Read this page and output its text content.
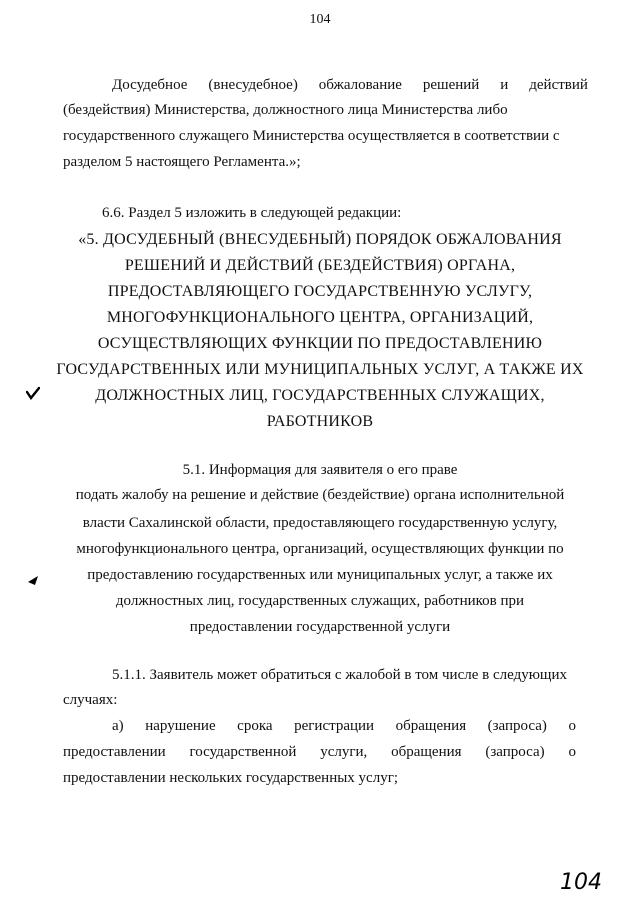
104
Досудебное (внесудебное) обжалование решений и действий
(бездействия) Министерства, должностного лица Министерства либо
государственного служащего Министерства осуществляется в соответствии с
разделом 5 настоящего Регламента.»;
6.6. Раздел 5 изложить в следующей редакции:
«5. ДОСУДЕБНЫЙ (ВНЕСУДЕБНЫЙ) ПОРЯДОК ОБЖАЛОВАНИЯ
РЕШЕНИЙ И ДЕЙСТВИЙ (БЕЗДЕЙСТВИЯ) ОРГАНА,
ПРЕДОСТАВЛЯЮЩЕГО ГОСУДАРСТВЕННУЮ УСЛУГУ,
МНОГОФУНКЦИОНАЛЬНОГО ЦЕНТРА, ОРГАНИЗАЦИЙ,
ОСУЩЕСТВЛЯЮЩИХ ФУНКЦИИ ПО ПРЕДОСТАВЛЕНИЮ
ГОСУДАРСТВЕННЫХ ИЛИ МУНИЦИПАЛЬНЫХ УСЛУГ, А ТАКЖЕ ИХ
ДОЛЖНОСТНЫХ ЛИЦ, ГОСУДАРСТВЕННЫХ СЛУЖАЩИХ,
РАБОТНИКОВ
5.1. Информация для заявителя о его праве
подать жалобу на решение и действие (бездействие) органа исполнительной
власти Сахалинской области, предоставляющего государственную услугу,
многофункционального центра, организаций, осуществляющих функции по
предоставлению государственных или муниципальных услуг, а также их
должностных лиц, государственных служащих, работников при
предоставлении государственной услуги
5.1.1. Заявитель может обратиться с жалобой в том числе в следующих
случаях:
а) нарушение срока регистрации обращения (запроса) о
предоставлении государственной услуги, обращения (запроса) о
предоставлении нескольких государственных услуг;
104
